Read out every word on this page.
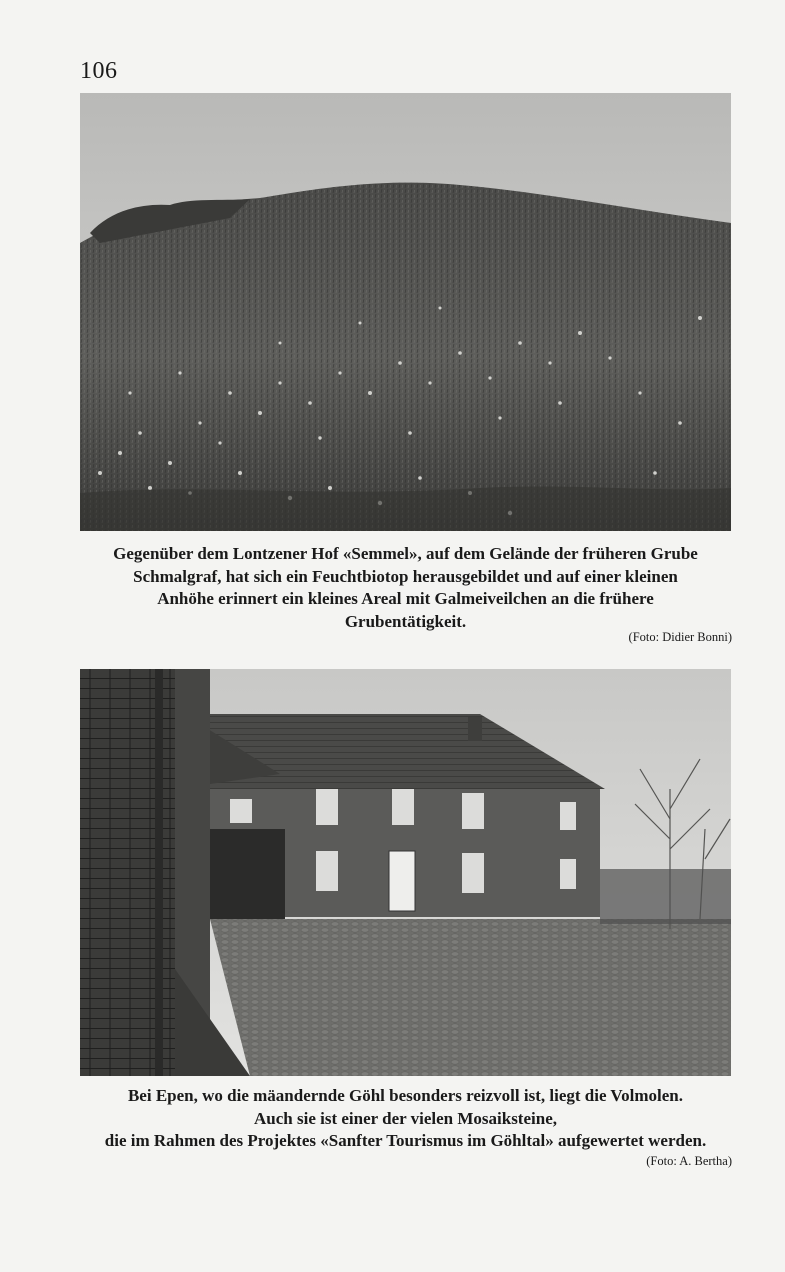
106
Gegenüber dem Lontzener Hof «Semmel», auf dem Gelände der früheren Grube
Schmalgraf, hat sich ein Feuchtbiotop herausgebildet und auf einer kleinen
Anhöhe erinnert ein kleines Areal mit Galmeiveilchen an die frühere
Grubentätigkeit.
(Foto: Didier Bonni)
Bei Epen, wo die mäandernde Göhl besonders reizvoll ist, liegt die Volmolen.
Auch sie ist einer der vielen Mosaiksteine,
die im Rahmen des Projektes «Sanfter Tourismus im Göhltal» aufgewertet werden.
(Foto: A. Bertha)
